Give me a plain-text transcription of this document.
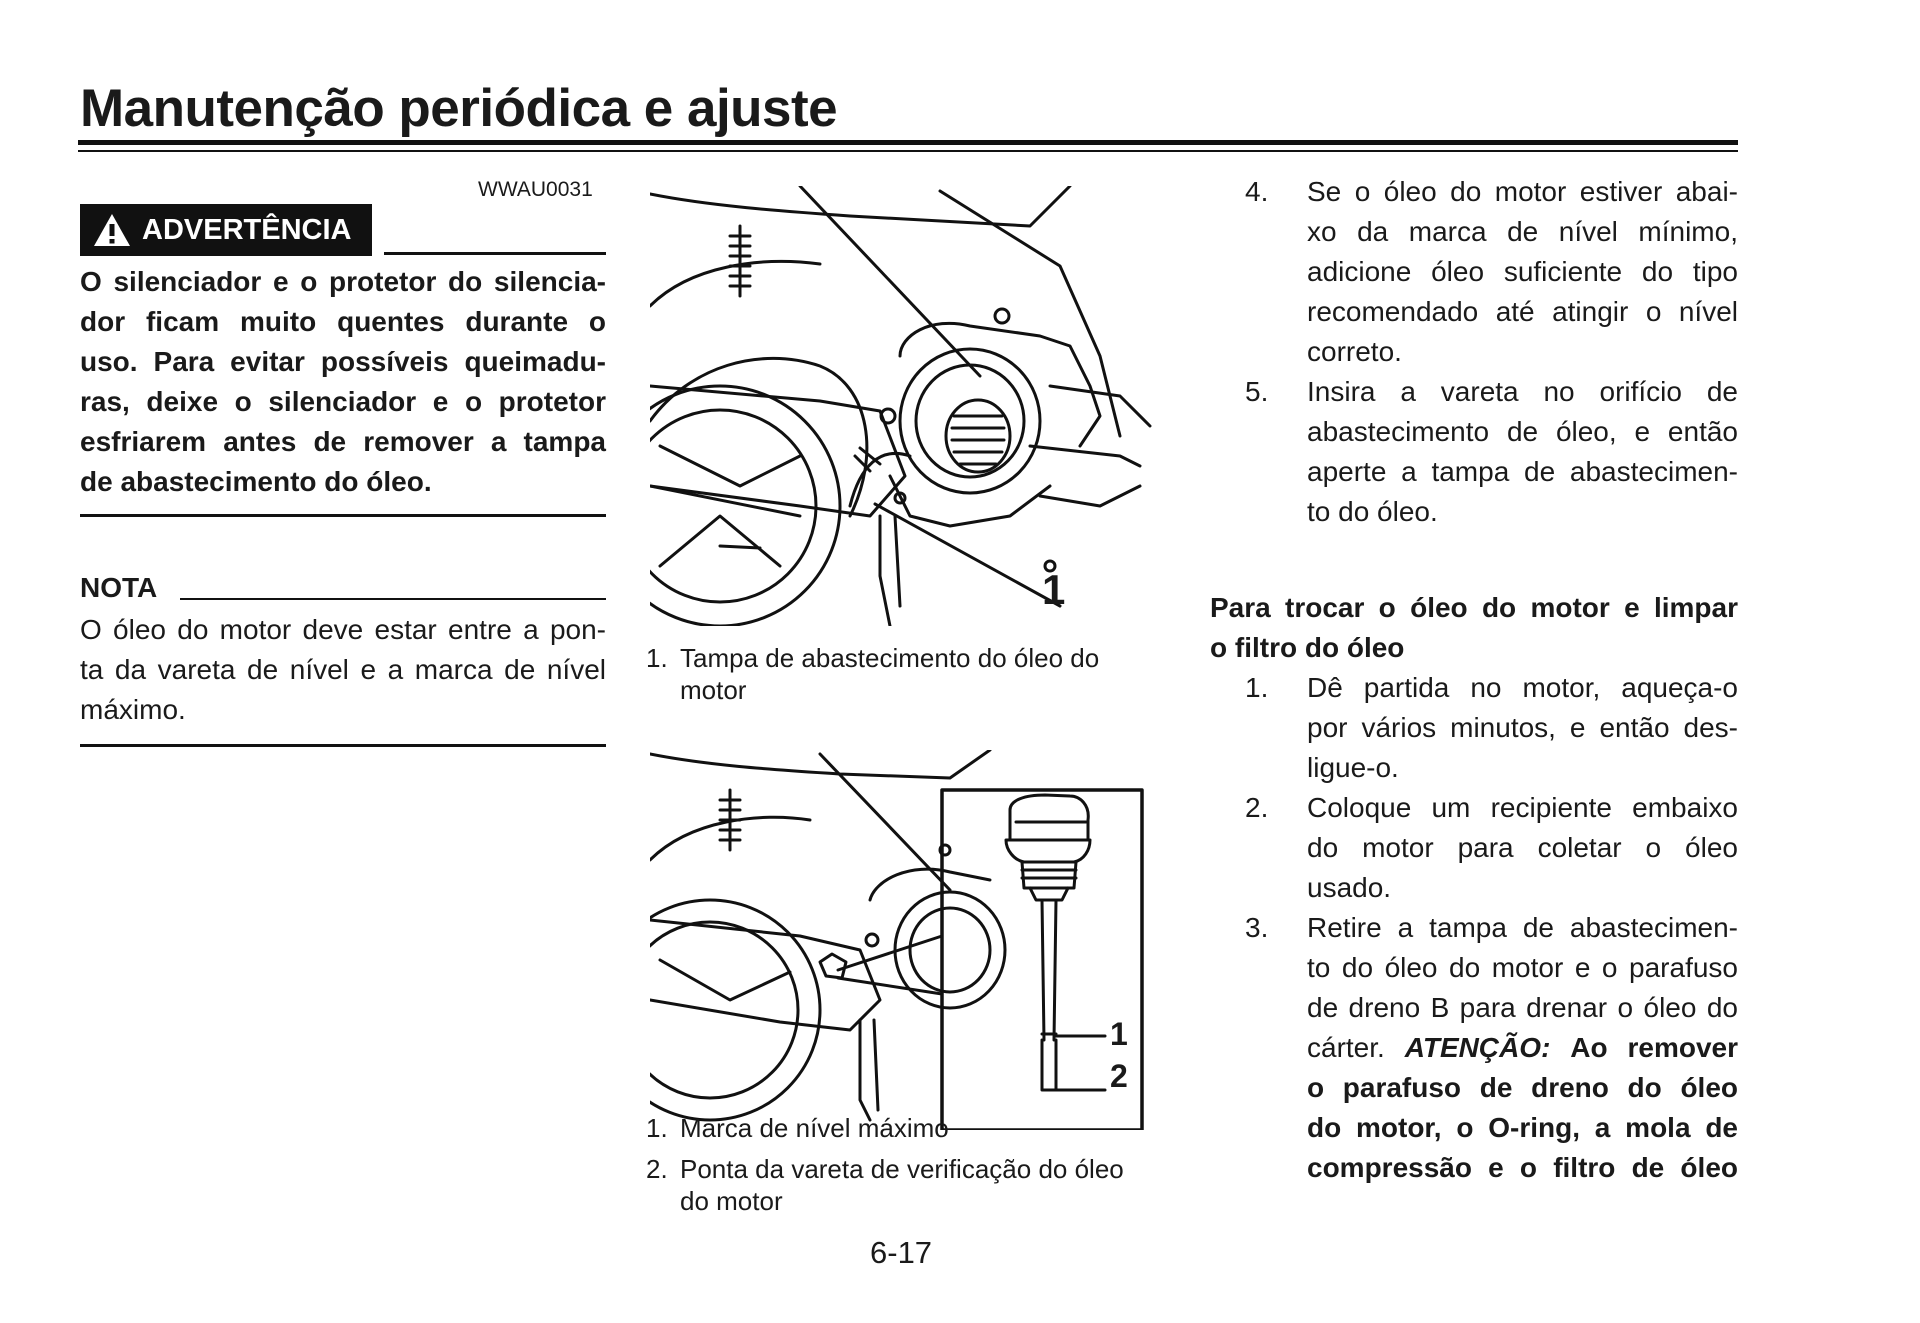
Manutenção periódica e ajuste
WWAU0031
ADVERTÊNCIA
O silenciador e o protetor do silencia-
dor ficam muito quentes durante o
uso. Para evitar possíveis queimadu-
ras, deixe o silenciador e o protetor
esfriarem antes de remover a tampa
de abastecimento do óleo.
NOTA
O óleo do motor deve estar entre a pon-
ta da vareta de nível e a marca de nível
máximo.
1
1. Tampa de abastecimento do óleo do
motor
1
2
1. Marca de nível máximo
2. Ponta da vareta de verificação do óleo
do motor
4.	Se o óleo do motor estiver abai-
xo da marca de nível mínimo,
adicione óleo suficiente do tipo
recomendado até atingir o nível
correto.
5.	Insira a vareta no orifício de
abastecimento de óleo, e então
aperte a tampa de abastecimen-
to do óleo.
Para trocar o óleo do motor e limpar
o filtro do óleo
1.	Dê partida no motor, aqueça-o
por vários minutos, e então des-
ligue-o.
2.	Coloque um recipiente embaixo
do motor para coletar o óleo
usado.
3.	Retire a tampa de abastecimen-
to do óleo do motor e o parafuso
de dreno B para drenar o óleo do
cárter. ATENÇÃO: Ao remover
o parafuso de dreno do óleo
do motor, o O-ring, a mola de
compressão e o filtro de óleo
6-17
